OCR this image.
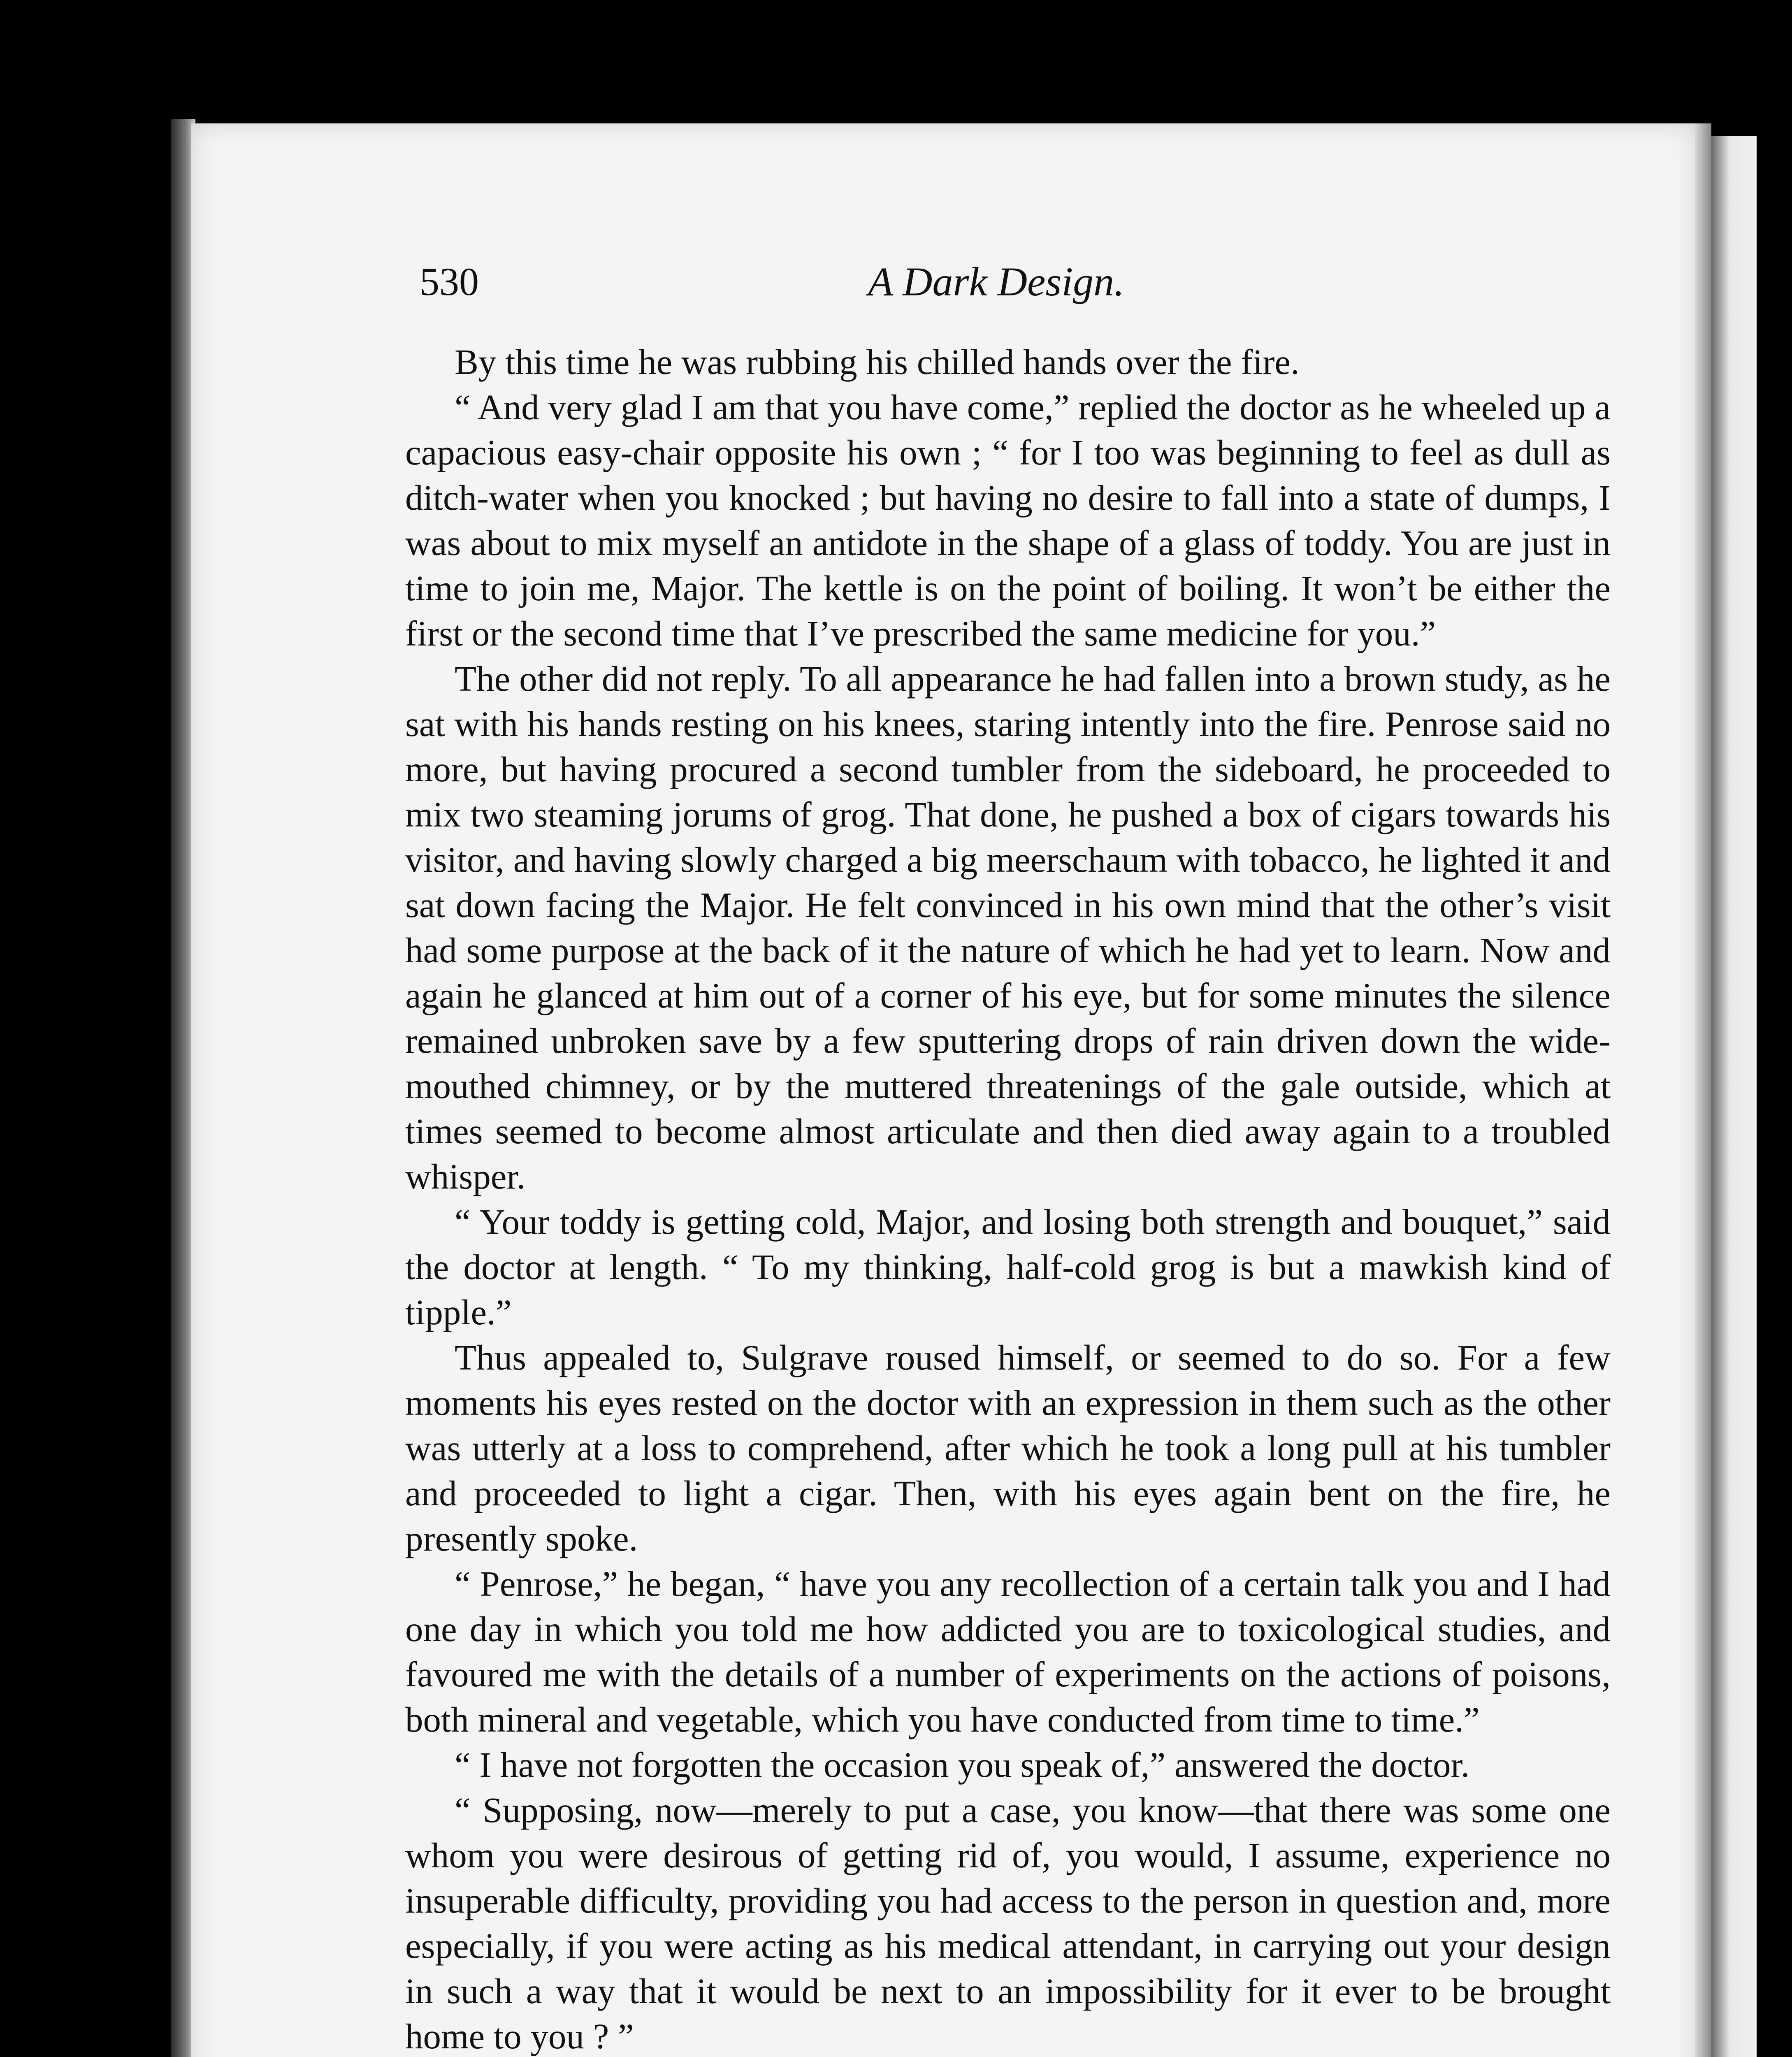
530	A Dark Design.

By this time he was rubbing his chilled hands over the fire.

“ And very glad I am that you have come,” replied the doctor as he wheeled up a capacious easy-chair opposite his own ; “ for I too was beginning to feel as dull as ditch-water when you knocked ; but having no desire to fall into a state of dumps, I was about to mix myself an antidote in the shape of a glass of toddy. You are just in time to join me, Major. The kettle is on the point of boiling. It won’t be either the first or the second time that I’ve prescribed the same medicine for you.”

The other did not reply. To all appearance he had fallen into a brown study, as he sat with his hands resting on his knees, staring intently into the fire. Penrose said no more, but having procured a second tumbler from the sideboard, he proceeded to mix two steaming jorums of grog. That done, he pushed a box of cigars towards his visitor, and having slowly charged a big meerschaum with tobacco, he lighted it and sat down facing the Major. He felt convinced in his own mind that the other’s visit had some purpose at the back of it the nature of which he had yet to learn. Now and again he glanced at him out of a corner of his eye, but for some minutes the silence remained unbroken save by a few sputtering drops of rain driven down the wide-mouthed chimney, or by the muttered threatenings of the gale outside, which at times seemed to become almost articulate and then died away again to a troubled whisper.

“ Your toddy is getting cold, Major, and losing both strength and bouquet,” said the doctor at length. “ To my thinking, half-cold grog is but a mawkish kind of tipple.”

Thus appealed to, Sulgrave roused himself, or seemed to do so. For a few moments his eyes rested on the doctor with an expression in them such as the other was utterly at a loss to comprehend, after which he took a long pull at his tumbler and proceeded to light a cigar. Then, with his eyes again bent on the fire, he presently spoke.

“ Penrose,” he began, “ have you any recollection of a certain talk you and I had one day in which you told me how addicted you are to toxicological studies, and favoured me with the details of a number of experiments on the actions of poisons, both mineral and vegetable, which you have conducted from time to time.”

“ I have not forgotten the occasion you speak of,” answered the doctor.

“ Supposing, now—merely to put a case, you know—that there was some one whom you were desirous of getting rid of, you would, I assume, experience no insuperable difficulty, providing you had access to the person in question and, more especially, if you were acting as his medical attendant, in carrying out your design in such a way that it would be next to an impossibility for it ever to be brought home to you ? ”
